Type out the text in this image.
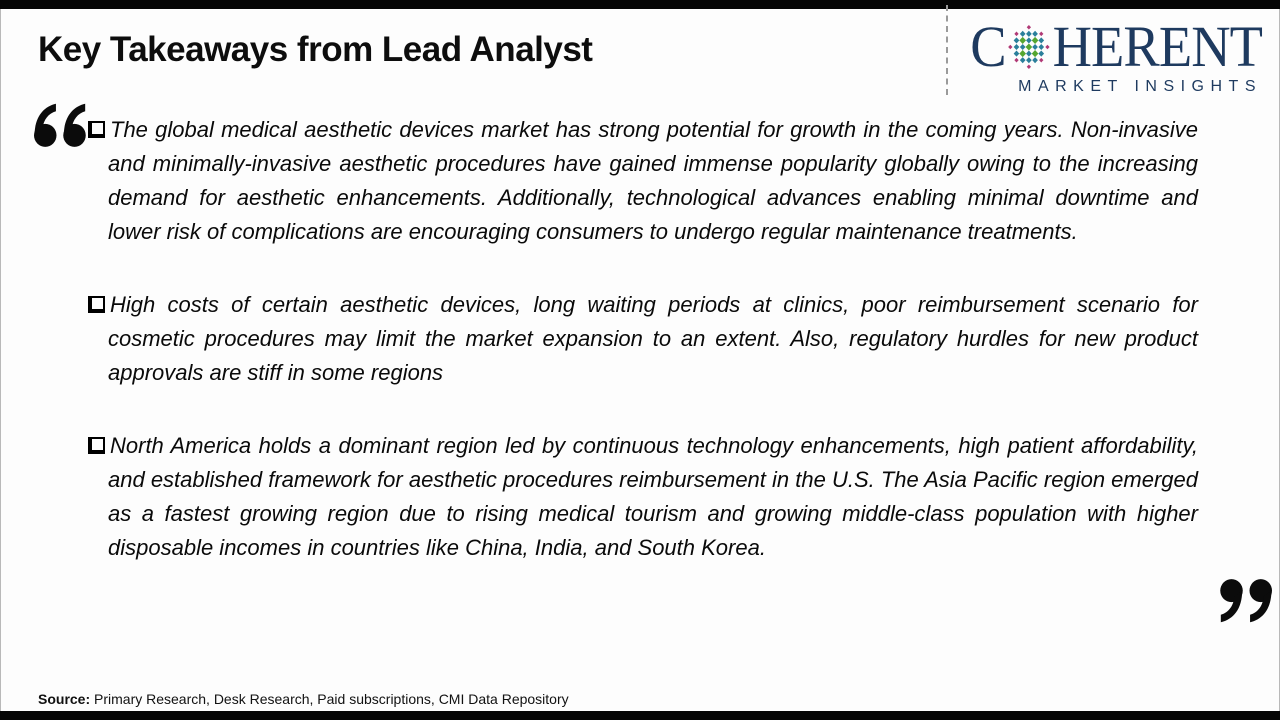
Key Takeaways from Lead Analyst	C HERENT
MARKET INSIGHTS

The global medical aesthetic devices market has strong potential for growth in the coming years. Non-invasive and minimally-invasive aesthetic procedures have gained immense popularity globally owing to the increasing demand for aesthetic enhancements. Additionally, technological advances enabling minimal downtime and lower risk of complications are encouraging consumers to undergo regular maintenance treatments.

High costs of certain aesthetic devices, long waiting periods at clinics, poor reimbursement scenario for cosmetic procedures may limit the market expansion to an extent. Also, regulatory hurdles for new product approvals are stiff in some regions

North America holds a dominant region led by continuous technology enhancements, high patient affordability, and established framework for aesthetic procedures reimbursement in the U.S. The Asia Pacific region emerged as a fastest growing region due to rising medical tourism and growing middle-class population with higher disposable incomes in countries like China, India, and South Korea.

Source: Primary Research, Desk Research, Paid subscriptions, CMI Data Repository
